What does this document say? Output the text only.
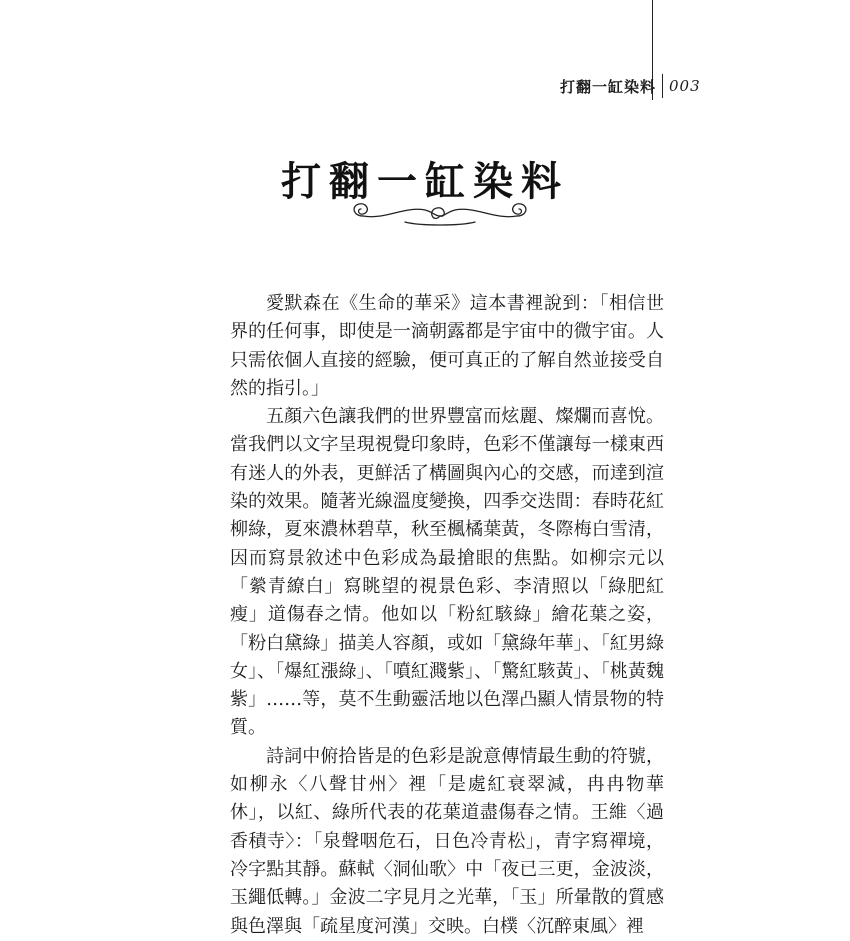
打翻一缸染料 003
打翻一缸染料

愛默森在《生命的華采》這本書裡說到：「相信世界的任何事，即使是一滴朝露都是宇宙中的微宇宙。人只需依個人直接的經驗，便可真正的了解自然並接受自然的指引。」

五顏六色讓我們的世界豐富而炫麗、燦爛而喜悅。當我們以文字呈現視覺印象時，色彩不僅讓每一樣東西有迷人的外表，更鮮活了構圖與內心的交感，而達到渲染的效果。隨著光線溫度變換，四季交迭間：春時花紅柳綠，夏來濃林碧草，秋至楓橘葉黃，冬際梅白雪清，因而寫景敘述中色彩成為最搶眼的焦點。如柳宗元以「縈青繚白」寫眺望的視景色彩、李清照以「綠肥紅瘦」道傷春之情。他如以「粉紅駭綠」繪花葉之姿，「粉白黛綠」描美人容顏，或如「黛綠年華」、「紅男綠女」、「爆紅漲綠」、「噴紅濺紫」、「驚紅駭黃」、「桃黃魏紫」……等，莫不生動靈活地以色澤凸顯人情景物的特質。

詩詞中俯拾皆是的色彩是說意傳情最生動的符號，如柳永〈八聲甘州〉裡「是處紅衰翠減，冉冉物華休」，以紅、綠所代表的花葉道盡傷春之情。王維〈過香積寺〉：「泉聲咽危石，日色冷青松」，青字寫禪境，冷字點其靜。蘇軾〈洞仙歌〉中「夜已三更，金波淡，玉繩低轉。」金波二字見月之光華，「玉」所暈散的質感與色澤與「疏星度河漢」交映。白樸〈沉醉東風〉裡
